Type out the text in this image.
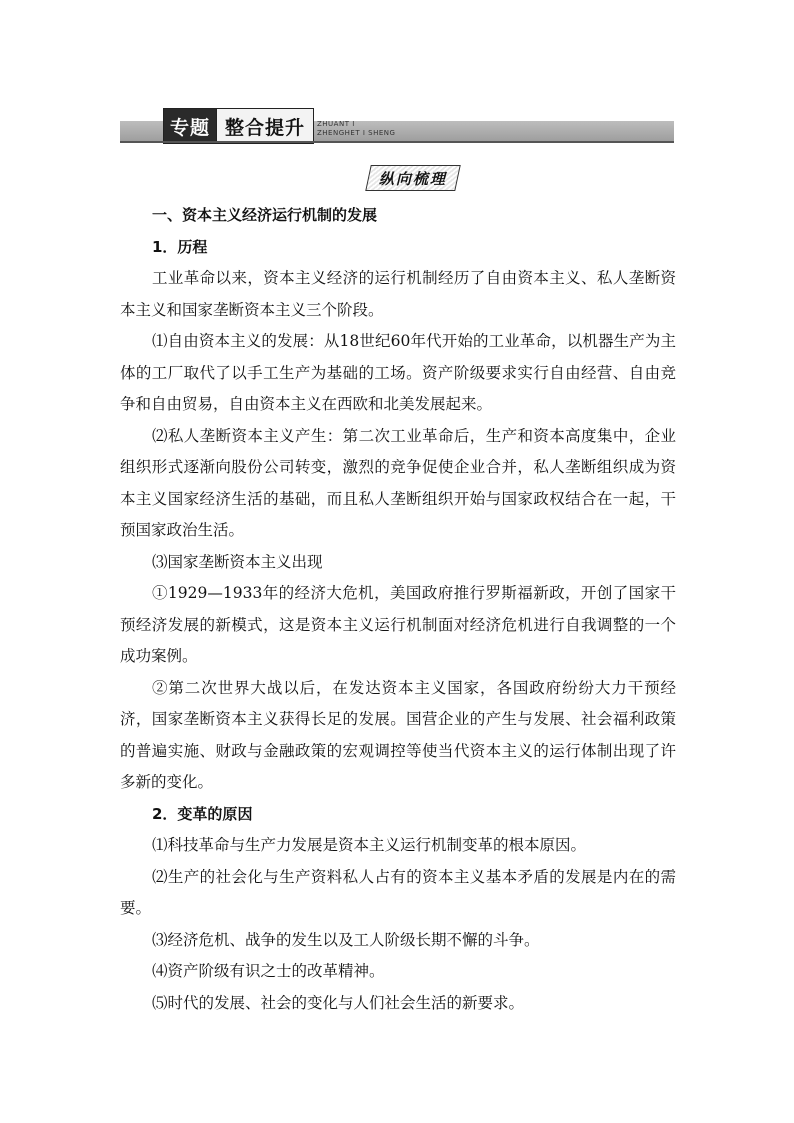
专题 整合提升	ZHUANT I
ZHENGHET I SHENG
纵向梳理

一、资本主义经济运行机制的发展

1．历程

工业革命以来，资本主义经济的运行机制经历了自由资本主义、私人垄断资本主义和国家垄断资本主义三个阶段。

⑴自由资本主义的发展：从18世纪60年代开始的工业革命，以机器生产为主体的工厂取代了以手工生产为基础的工场。资产阶级要求实行自由经营、自由竞争和自由贸易，自由资本主义在西欧和北美发展起来。

⑵私人垄断资本主义产生：第二次工业革命后，生产和资本高度集中，企业组织形式逐渐向股份公司转变，激烈的竞争促使企业合并，私人垄断组织成为资本主义国家经济生活的基础，而且私人垄断组织开始与国家政权结合在一起，干预国家政治生活。

⑶国家垄断资本主义出现

①1929—1933年的经济大危机，美国政府推行罗斯福新政，开创了国家干预经济发展的新模式，这是资本主义运行机制面对经济危机进行自我调整的一个成功案例。

②第二次世界大战以后，在发达资本主义国家，各国政府纷纷大力干预经济，国家垄断资本主义获得长足的发展。国营企业的产生与发展、社会福利政策的普遍实施、财政与金融政策的宏观调控等使当代资本主义的运行体制出现了许多新的变化。

2．变革的原因

⑴科技革命与生产力发展是资本主义运行机制变革的根本原因。

⑵生产的社会化与生产资料私人占有的资本主义基本矛盾的发展是内在的需要。

⑶经济危机、战争的发生以及工人阶级长期不懈的斗争。

⑷资产阶级有识之士的改革精神。

⑸时代的发展、社会的变化与人们社会生活的新要求。
